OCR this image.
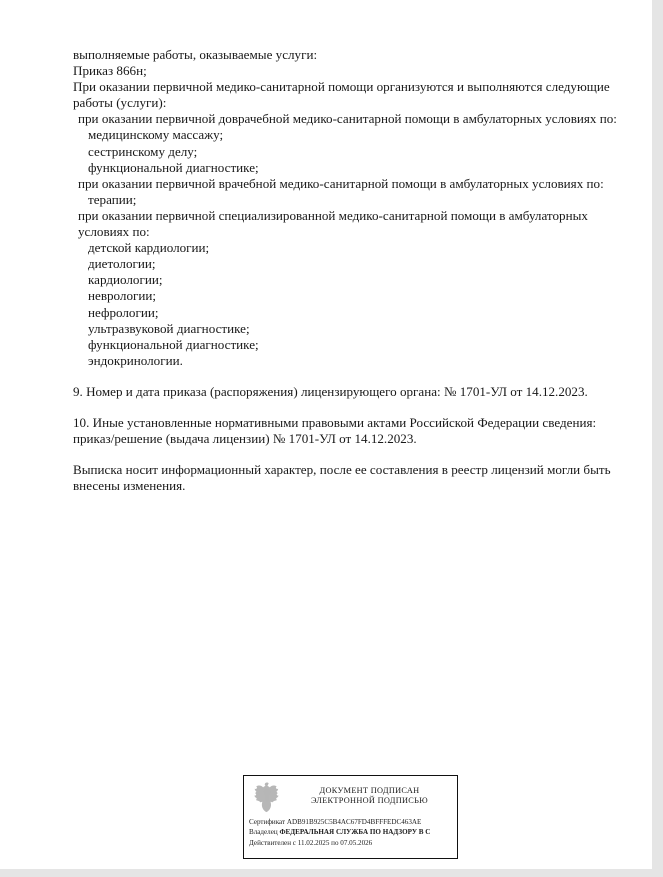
выполняемые работы, оказываемые услуги:
Приказ 866н;
При оказании первичной медико-санитарной помощи организуются и выполняются следующие работы (услуги):
при оказании первичной доврачебной медико-санитарной помощи в амбулаторных условиях по:
медицинскому массажу;
сестринскому делу;
функциональной диагностике;
при оказании первичной врачебной медико-санитарной помощи в амбулаторных условиях по:
терапии;
при оказании первичной специализированной медико-санитарной помощи в амбулаторных условиях по:
детской кардиологии;
диетологии;
кардиологии;
неврологии;
нефрологии;
ультразвуковой диагностике;
функциональной диагностике;
эндокринологии.
9. Номер и дата приказа (распоряжения) лицензирующего органа: № 1701-УЛ от 14.12.2023.
10. Иные установленные нормативными правовыми актами Российской Федерации сведения: приказ/решение (выдача лицензии) № 1701-УЛ от 14.12.2023.
Выписка носит информационный характер, после ее составления в реестр лицензий могли быть внесены изменения.
ДОКУМЕНТ ПОДПИСАН
ЭЛЕКТРОННОЙ ПОДПИСЬЮ
Сертификат ADB91B925C5B4AC67FD4BFFFEDC463AE
Владелец ФЕДЕРАЛЬНАЯ СЛУЖБА ПО НАДЗОРУ В С
Действителен с 11.02.2025 по 07.05.2026
